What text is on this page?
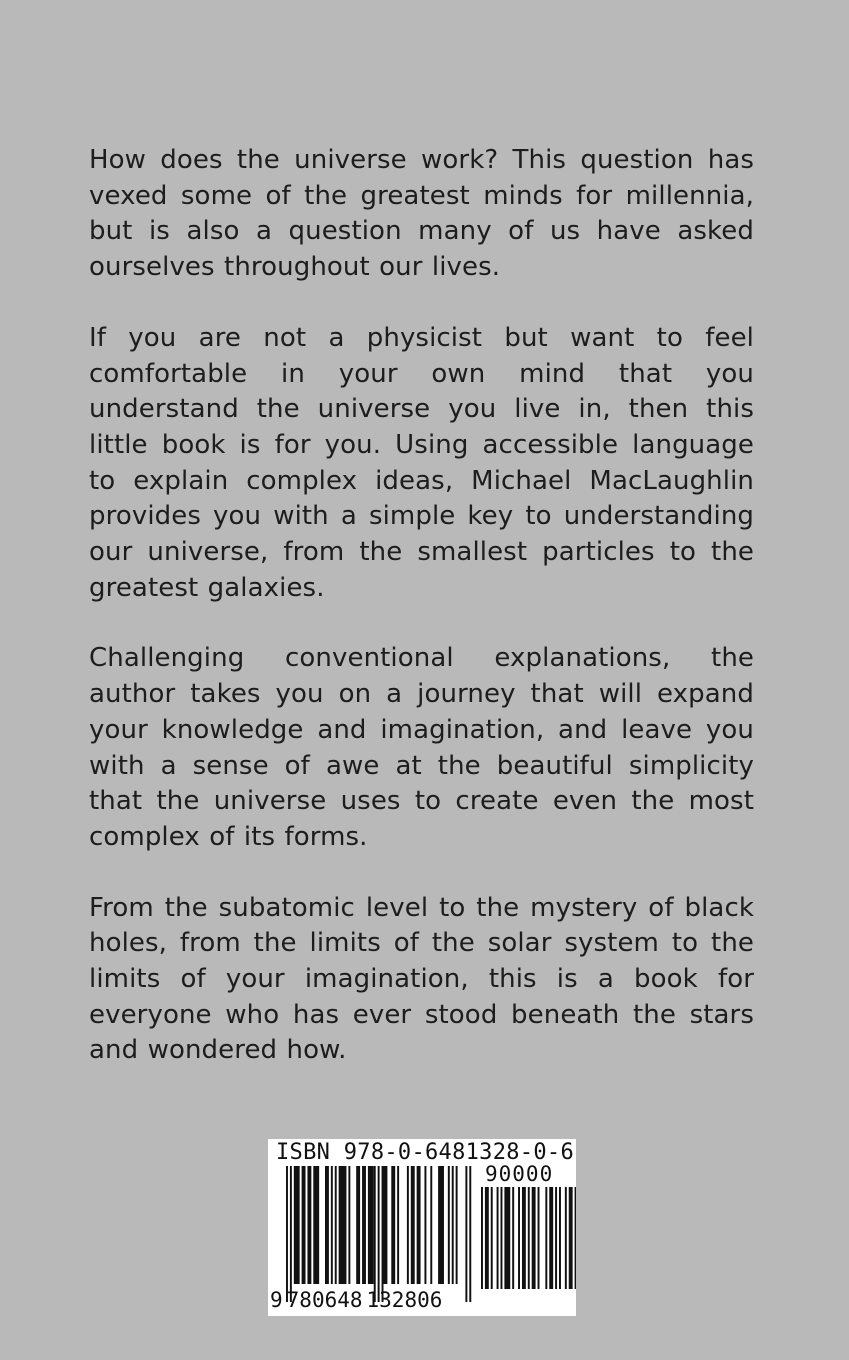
How does the universe work? This question has vexed some of the greatest minds for millennia, but is also a question many of us have asked ourselves throughout our lives.

If you are not a physicist but want to feel comfortable in your own mind that you understand the universe you live in, then this little book is for you. Using accessible language to explain complex ideas, Michael MacLaughlin provides you with a simple key to understanding our universe, from the smallest particles to the greatest galaxies.

Challenging conventional explanations, the author takes you on a journey that will expand your knowledge and imagination, and leave you with a sense of awe at the beautiful simplicity that the universe uses to create even the most complex of its forms.

From the subatomic level to the mystery of black holes, from the limits of the solar system to the limits of your imagination, this is a book for everyone who has ever stood beneath the stars and wondered how.

ISBN 978-0-6481328-0-6
90000
9 780648 132806
